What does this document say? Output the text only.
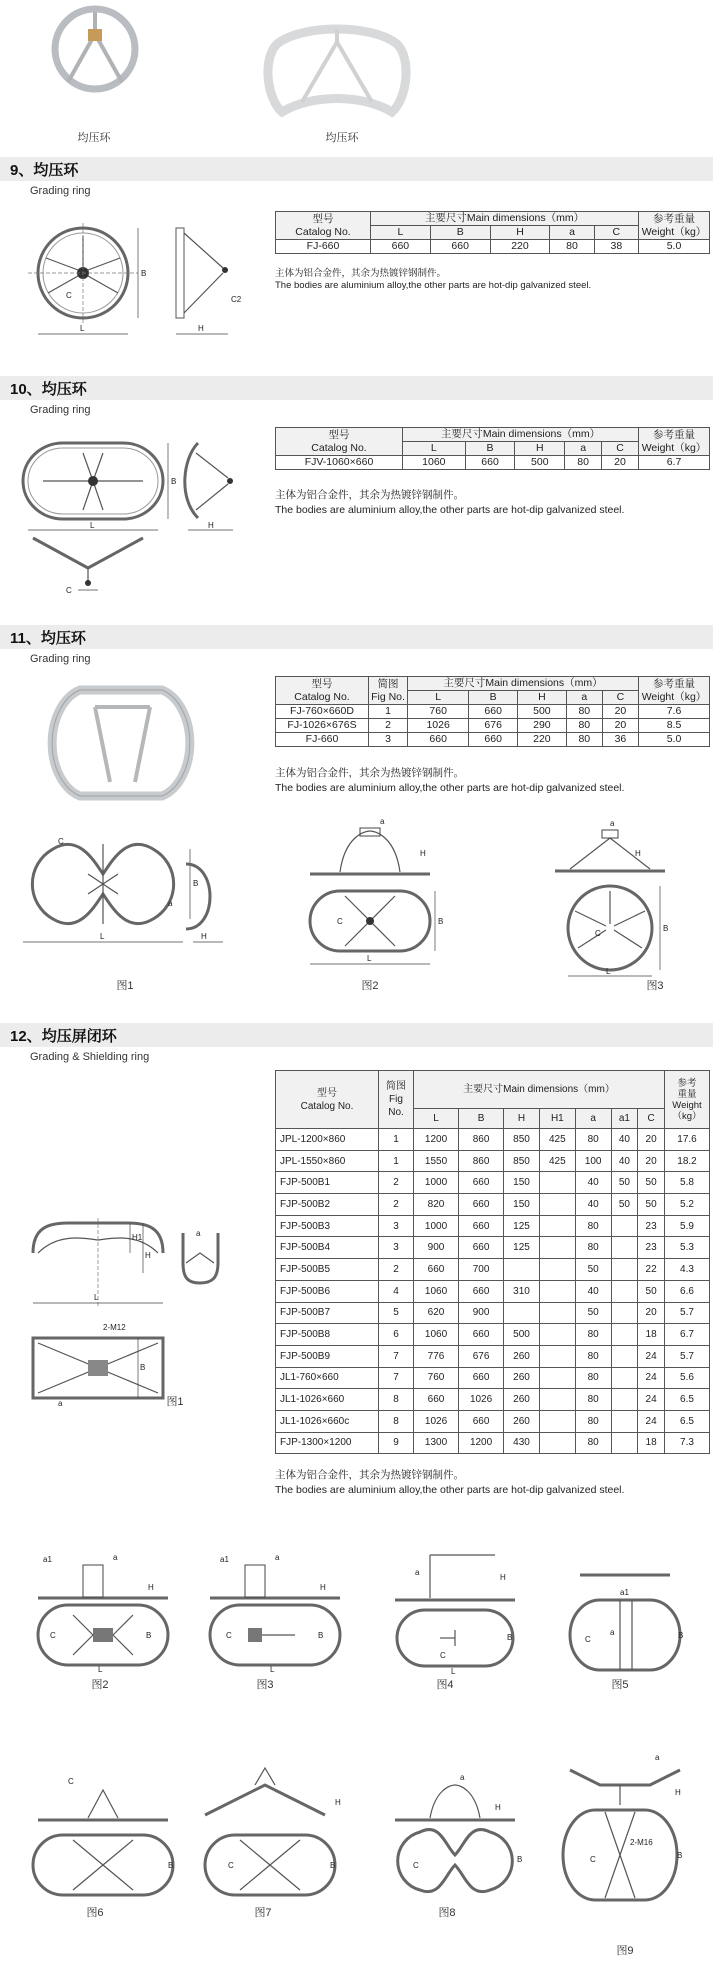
均压环	均压环
9、均压环
Grading ring
L
B
C
H
C2
型号
Catalog No.	主要尺寸Main dimensions（mm）					参考重量
Weight（kg）
	L	B	H	a	C	
FJ-660	660	660	220	80	38	5.0
主体为铝合金件，其余为热镀锌钢制件。
The bodies are aluminium alloy,the other parts are hot-dip galvanized steel.
10、均压环
Grading ring
L
B
H
C
型号
Catalog No.	主要尺寸Main dimensions（mm）					参考重量
Weight（kg）
	L	B	H	a	C	
FJV-1060×660	1060	660	500	80	20	6.7
主体为铝合金件，其余为热镀锌钢制件。
The bodies are aluminium alloy,the other parts are hot-dip galvanized steel.
11、均压环
Grading ring
型号
Catalog No.	简图
Fig No.	主要尺寸Main dimensions（mm）					参考重量
Weight（kg）
		L	B	H	a	C	
FJ-760×660D	1	760	660	500	80	20	7.6
FJ-1026×676S	2	1026	676	290	80	20	8.5
FJ-660	3	660	660	220	80	36	5.0
主体为铝合金件，其余为热镀锌钢制件。
The bodies are aluminium alloy,the other parts are hot-dip galvanized steel.
L
B
C
H
a
图1
a
H
L
B
C
图2
a
H
L
B
C
图3
12、均压屏闭环
Grading & Shielding ring
H1
H
L
a
2-M12
B
a	图1
型号
Catalog No.	简图
Fig No.	主要尺寸Main dimensions（mm）							参考
重量
Weight
（kg）
		L	B	H	H1	a	a1	C	
JPL-1200×860	1	1200	860	850	425	80	40	20	17.6
JPL-1550×860	1	1550	860	850	425	100	40	20	18.2
FJP-500B1	2	1000	660	150		40	50	50	5.8
FJP-500B2	2	820	660	150		40	50	50	5.2
FJP-500B3	3	1000	660	125		80		23	5.9
FJP-500B4	3	900	660	125		80		23	5.3
FJP-500B5	2	660	700			50		22	4.3
FJP-500B6	4	1060	660	310		40		50	6.6
FJP-500B7	5	620	900			50		20	5.7
FJP-500B8	6	1060	660	500		80		18	6.7
FJP-500B9	7	776	676	260		80		24	5.7
JL1-760×660	7	760	660	260		80		24	5.6
JL1-1026×660	8	660	1026	260		80		24	6.5
JL1-1026×660c	8	1026	660	260		80		24	6.5
FJP-1300×1200	9	1300	1200	430		80		18	7.3
主体为铝合金件，其余为热镀锌钢制件。
The bodies are aluminium alloy,the other parts are hot-dip galvanized steel.
a1	a
H
B
L
C
图2
a1	a
H
B
L
C
图3
a
H
B
L
C
图4
a1
B
a
C
图5
C
B
图6
H
B
C
图7
a
H
B
C
图8
a
H
2-M16
B
C
图9
